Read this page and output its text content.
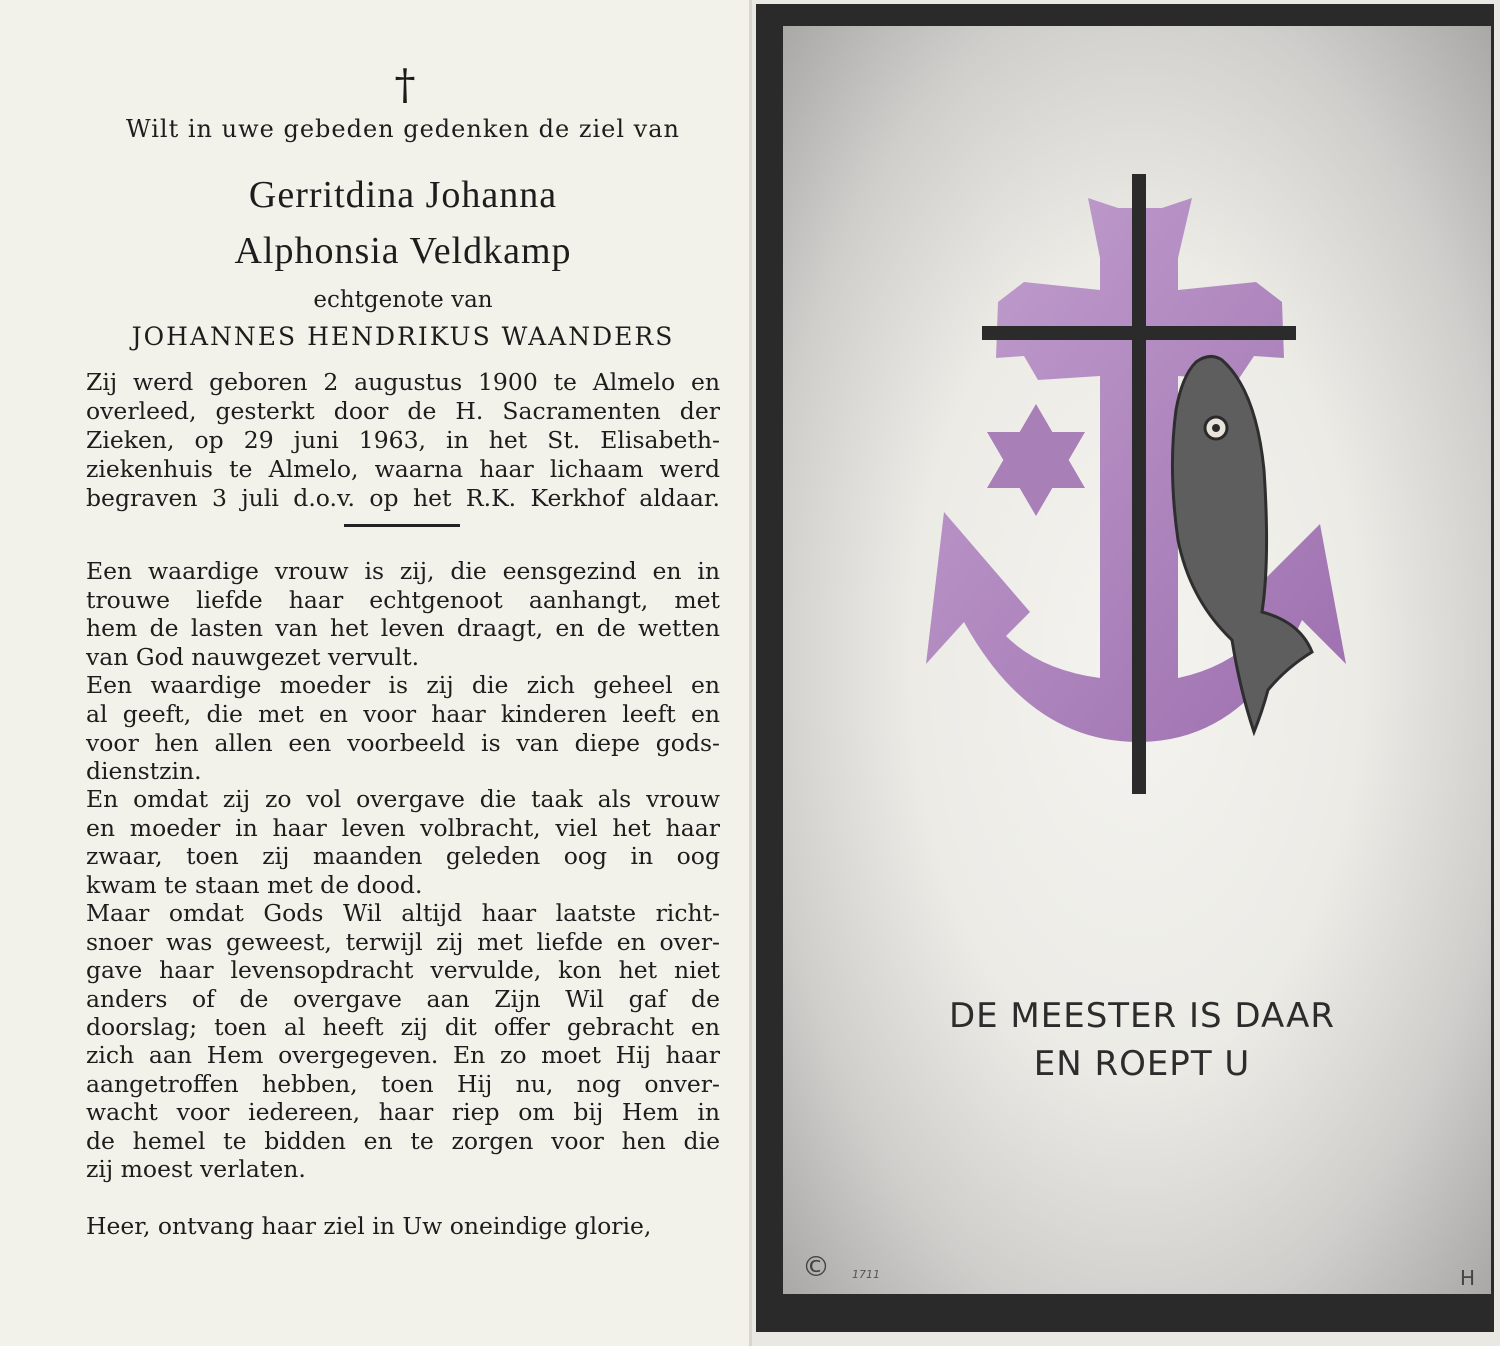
†
Wilt in uwe gebeden gedenken de ziel van
Gerritdina Johanna
Alphonsia Veldkamp
echtgenote van
JOHANNES HENDRIKUS WAANDERS
Zij werd geboren 2 augustus 1900 te Almelo en
overleed, gesterkt door de H. Sacramenten der
Zieken, op 29 juni 1963, in het St. Elisabeth-
ziekenhuis te Almelo, waarna haar lichaam werd
begraven 3 juli d.o.v. op het R.K. Kerkhof aldaar.
Een waardige vrouw is zij, die eensgezind en in
trouwe liefde haar echtgenoot aanhangt, met
hem de lasten van het leven draagt, en de wetten
van God nauwgezet vervult.
Een waardige moeder is zij die zich geheel en
al geeft, die met en voor haar kinderen leeft en
voor hen allen een voorbeeld is van diepe gods-
dienstzin.
En omdat zij zo vol overgave die taak als vrouw
en moeder in haar leven volbracht, viel het haar
zwaar, toen zij maanden geleden oog in oog
kwam te staan met de dood.
Maar omdat Gods Wil altijd haar laatste richt-
snoer was geweest, terwijl zij met liefde en over-
gave haar levensopdracht vervulde, kon het niet
anders of de overgave aan Zijn Wil gaf de
doorslag; toen al heeft zij dit offer gebracht en
zich aan Hem overgegeven. En zo moet Hij haar
aangetroffen hebben, toen Hij nu, nog onver-
wacht voor iedereen, haar riep om bij Hem in
de hemel te bidden en te zorgen voor hen die
zij moest verlaten.
Heer, ontvang haar ziel in Uw oneindige glorie,
DE MEESTER IS DAAR
EN ROEPT U
©	1711	H
